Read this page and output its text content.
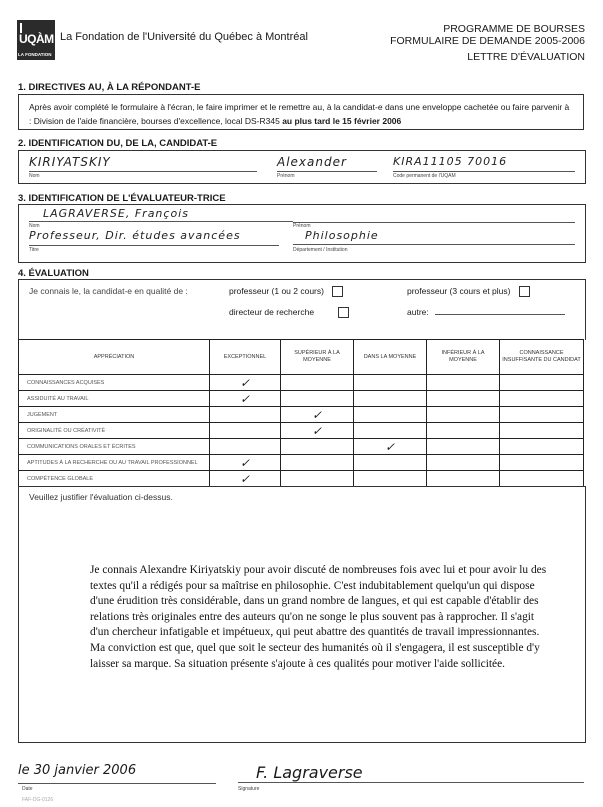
UQÀM
LA FONDATION
La Fondation de l'Université du Québec à Montréal
PROGRAMME DE BOURSES
FORMULAIRE DE DEMANDE 2005-2006
LETTRE D'ÉVALUATION
1. DIRECTIVES AU, À LA RÉPONDANT-E
Après avoir complété le formulaire à l'écran, le faire imprimer et le remettre au, à la candidat-e dans une enveloppe cachetée ou faire parvenir à : Division de l'aide financière, bourses d'excellence, local DS-R345 au plus tard le 15 février 2006
2. IDENTIFICATION DU, DE LA, CANDIDAT-E
KIRIYATSKIY
Nom
Alexander
Prénom
KIRA11105 70016
Code permanent de l'UQAM
3. IDENTIFICATION DE L'ÉVALUATEUR-TRICE
LAGRAVERSE, François
Nom	Prénom
Professeur, Dir. études avancées
Titre
Philosophie
Département / Institution
4. ÉVALUATION
Je connais le, la candidat-e en qualité de :	professeur (1 ou 2 cours)	professeur (3 cours et plus)
directeur de recherche	autre:
APPRÉCIATION	EXCEPTIONNEL	SUPÉRIEUR À LA MOYENNE	DANS LA MOYENNE	INFÉRIEUR À LA MOYENNE	CONNAISSANCE INSUFFISANTE DU CANDIDAT
CONNAISSANCES ACQUISES	✓				
ASSIDUITÉ AU TRAVAIL	✓				
JUGEMENT		✓			
ORIGINALITÉ OU CRÉATIVITÉ		✓			
COMMUNICATIONS ORALES ET ÉCRITES			✓		
APTITUDES À LA RECHERCHE OU AU TRAVAIL PROFESSIONNEL	✓				
COMPÉTENCE GLOBALE	✓				
Veuillez justifier l'évaluation ci-dessus.
Je connais Alexandre Kiriyatskiy pour avoir discuté de nombreuses fois avec lui et pour avoir lu des textes qu'il a rédigés pour sa maîtrise en philosophie. C'est indubitablement quelqu'un qui dispose d'une érudition très considérable, dans un grand nombre de langues, et qui est capable d'établir des relations très originales entre des auteurs qu'on ne songe le plus souvent pas à rapprocher. Il s'agit d'un chercheur infatigable et impétueux, qui peut abattre des quantités de travail impressionnantes. Ma conviction est que, quel que soit le secteur des humanités où il s'engagera, il est susceptible d'y laisser sa marque. Sa situation présente s'ajoute à ces qualités pour motiver l'aide sollicitée.
le 30 janvier 2006
Date
F. Lagraverse
Signature
FAF-DG-0126
